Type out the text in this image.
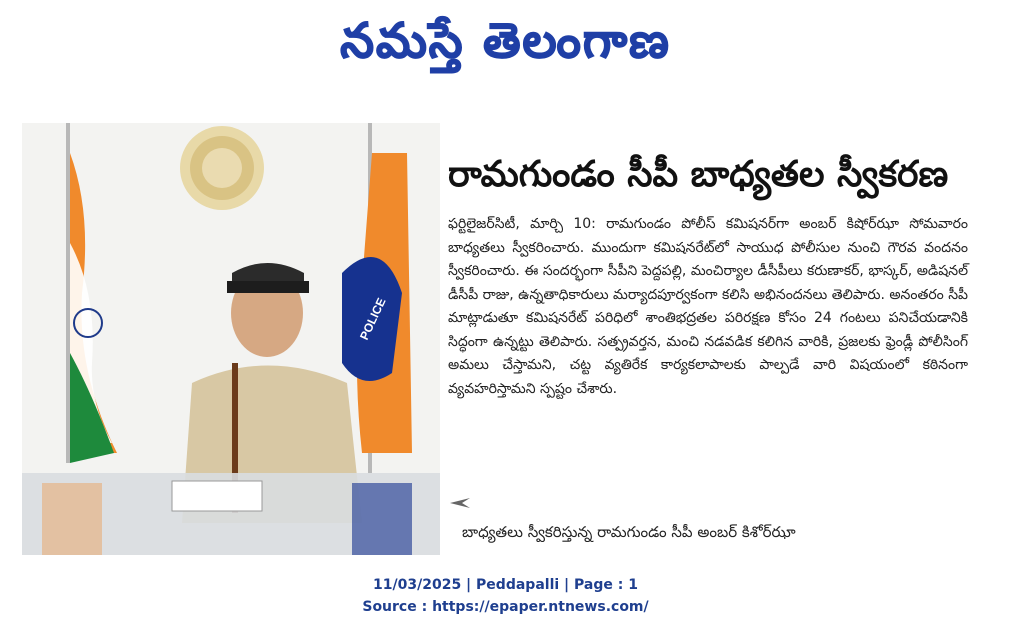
నమస్తే తెలంగాణ
POLICE
రామగుండం సీపీ బాధ్యతల స్వీకరణ
ఫర్టిలైజర్‌సిటీ, మార్చి 10: రామగుండం పోలీస్ కమిషనర్‌గా అంబర్ కిషోర్‌ఝా సోమవారం బాధ్యతలు స్వీకరించారు. ముందుగా కమిషనరేట్‌లో సాయుధ పోలీసుల నుంచి గౌరవ వందనం స్వీకరించారు. ఈ సందర్భంగా సీపీని పెద్దపల్లి, మంచిర్యాల డీసీపీలు కరుణాకర్, భాస్కర్, అడిషనల్ డీసీపీ రాజు, ఉన్నతాధికారులు మర్యాదపూర్వకంగా కలిసి అభినందనలు తెలిపారు. అనంతరం సీపీ మాట్లాడుతూ కమిషనరేట్ పరిధిలో శాంతిభద్రతల పరిరక్షణ కోసం 24 గంటలు పనిచేయడానికి సిద్ధంగా ఉన్నట్టు తెలిపారు. సత్ప్రవర్తన, మంచి నడవడిక కలిగిన వారికి, ప్రజలకు ఫ్రెండ్లీ పోలీసింగ్ అమలు చేస్తామని, చట్ట వ్యతిరేక కార్యకలాపాలకు పాల్పడే వారి విషయంలో కఠినంగా వ్యవహరిస్తామని స్పష్టం చేశారు.
బాధ్యతలు స్వీకరిస్తున్న రామగుండం సీపీ అంబర్ కిశోర్‌ఝా
11/03/2025 | Peddapalli | Page : 1
Source : https://epaper.ntnews.com/
